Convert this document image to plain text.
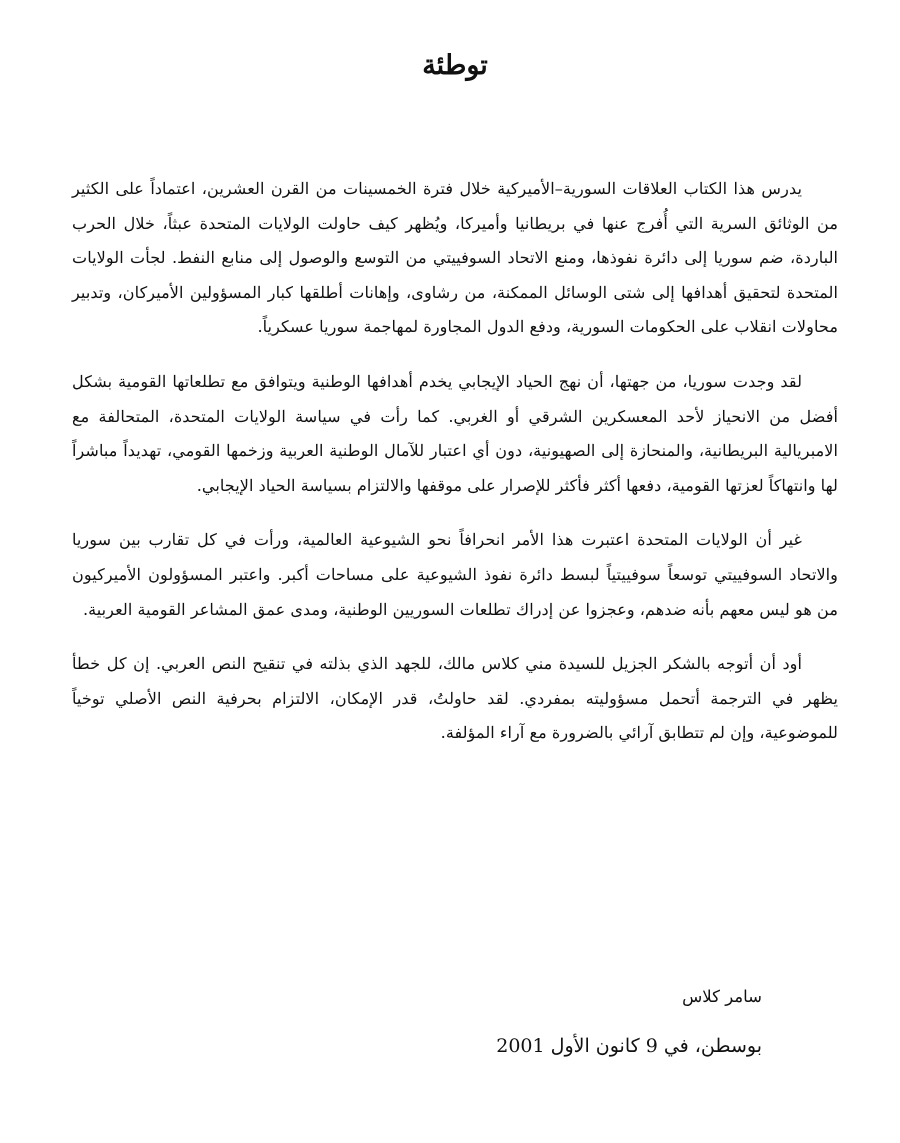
توطئة

يدرس هذا الكتاب العلاقات السورية–الأميركية خلال فترة الخمسينات من القرن العشرين، اعتماداً على الكثير من الوثائق السرية التي أُفرج عنها في بريطانيا وأميركا، ويُظهر كيف حاولت الولايات المتحدة عبثاً، خلال الحرب الباردة، ضم سوريا إلى دائرة نفوذها، ومنع الاتحاد السوفييتي من التوسع والوصول إلى منابع النفط. لجأت الولايات المتحدة لتحقيق أهدافها إلى شتى الوسائل الممكنة، من رشاوى، وإهانات أطلقها كبار المسؤولين الأميركان، وتدبير محاولات انقلاب على الحكومات السورية، ودفع الدول المجاورة لمهاجمة سوريا عسكرياً.

لقد وجدت سوريا، من جهتها، أن نهج الحياد الإيجابي يخدم أهدافها الوطنية ويتوافق مع تطلعاتها القومية بشكل أفضل من الانحياز لأحد المعسكرين الشرقي أو الغربي. كما رأت في سياسة الولايات المتحدة، المتحالفة مع الامبريالية البريطانية، والمنحازة إلى الصهيونية، دون أي اعتبار للآمال الوطنية العربية وزخمها القومي، تهديداً مباشراً لها وانتهاكاً لعزتها القومية، دفعها أكثر فأكثر للإصرار على موقفها والالتزام بسياسة الحياد الإيجابي.

غير أن الولايات المتحدة اعتبرت هذا الأمر انحرافاً نحو الشيوعية العالمية، ورأت في كل تقارب بين سوريا والاتحاد السوفييتي توسعاً سوفييتياً لبسط دائرة نفوذ الشيوعية على مساحات أكبر. واعتبر المسؤولون الأميركيون من هو ليس معهم بأنه ضدهم، وعجزوا عن إدراك تطلعات السوريين الوطنية، ومدى عمق المشاعر القومية العربية.

أود أن أتوجه بالشكر الجزيل للسيدة مني كلاس مالك، للجهد الذي بذلته في تنقيح النص العربي. إن كل خطأ يظهر في الترجمة أتحمل مسؤوليته بمفردي. لقد حاولتُ، قدر الإمكان، الالتزام بحرفية النص الأصلي توخياً للموضوعية، وإن لم تتطابق آرائي بالضرورة مع آراء المؤلفة.

سامر كلاس
بوسطن، في 9 كانون الأول 2001
